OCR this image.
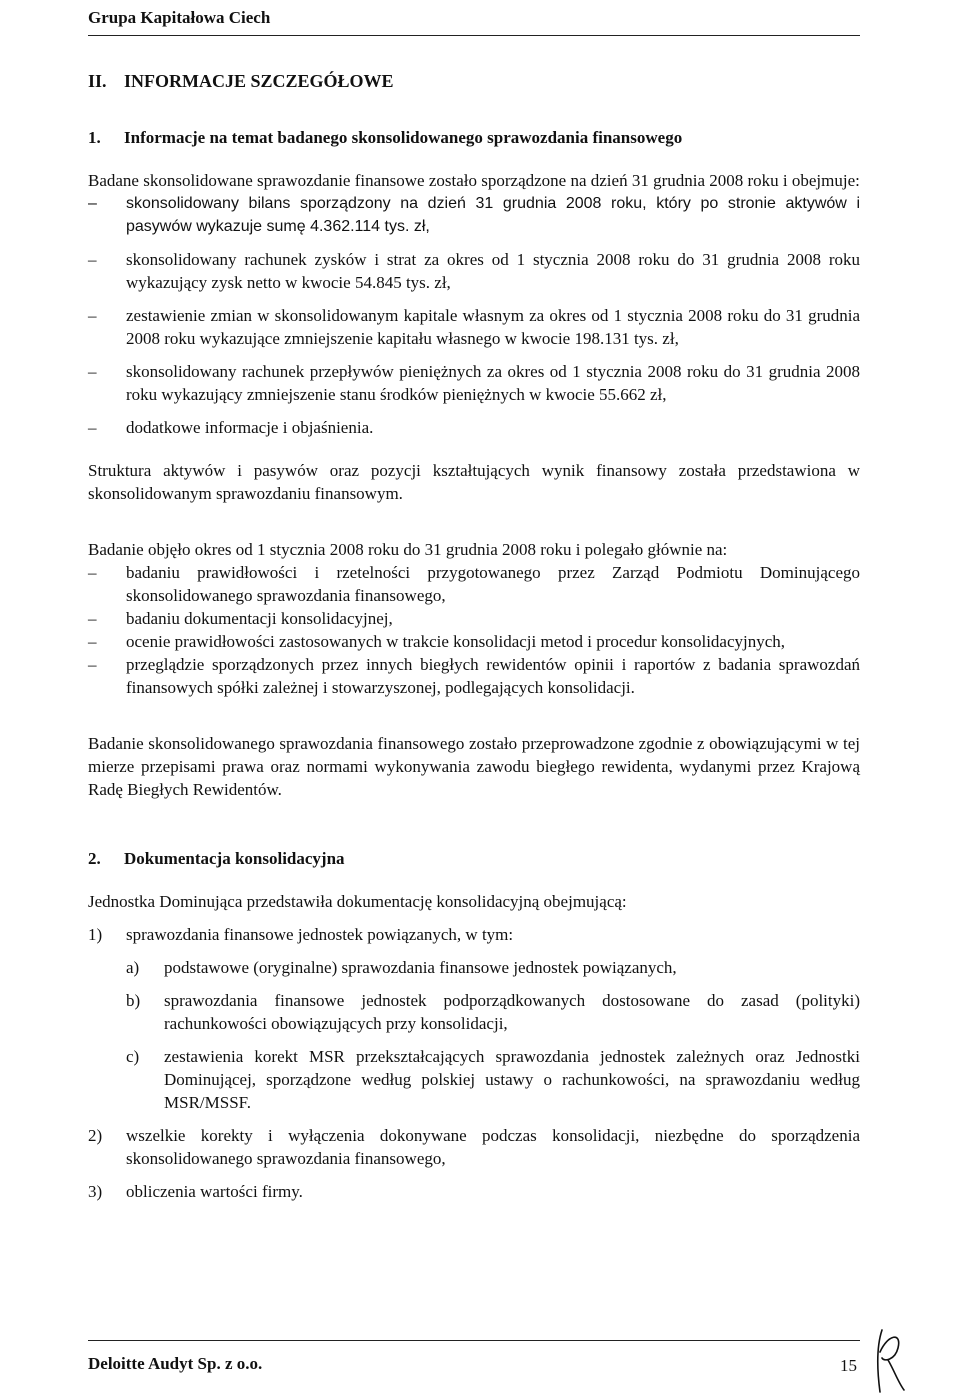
Grupa Kapitałowa Ciech
II. INFORMACJE SZCZEGÓŁOWE
1. Informacje na temat badanego skonsolidowanego sprawozdania finansowego

Badane skonsolidowane sprawozdanie finansowe zostało sporządzone na dzień 31 grudnia 2008 roku i obejmuje:

– skonsolidowany bilans sporządzony na dzień 31 grudnia 2008 roku, który po stronie aktywów i pasywów wykazuje sumę 4.362.114 tys. zł,
– skonsolidowany rachunek zysków i strat za okres od 1 stycznia 2008 roku do 31 grudnia 2008 roku wykazujący zysk netto w kwocie 54.845 tys. zł,
– zestawienie zmian w skonsolidowanym kapitale własnym za okres od 1 stycznia 2008 roku do 31 grudnia 2008 roku wykazujące zmniejszenie kapitału własnego w kwocie 198.131 tys. zł,
– skonsolidowany rachunek przepływów pieniężnych za okres od 1 stycznia 2008 roku do 31 grudnia 2008 roku wykazujący zmniejszenie stanu środków pieniężnych w kwocie 55.662 zł,
– dodatkowe informacje i objaśnienia.

Struktura aktywów i pasywów oraz pozycji kształtujących wynik finansowy została przedstawiona w skonsolidowanym sprawozdaniu finansowym.

Badanie objęło okres od 1 stycznia 2008 roku do 31 grudnia 2008 roku i polegało głównie na:

– badaniu prawidłowości i rzetelności przygotowanego przez Zarząd Podmiotu Dominującego skonsolidowanego sprawozdania finansowego,
– badaniu dokumentacji konsolidacyjnej,
– ocenie prawidłowości zastosowanych w trakcie konsolidacji metod i procedur konsolidacyjnych,
– przeglądzie sporządzonych przez innych biegłych rewidentów opinii i raportów z badania sprawozdań finansowych spółki zależnej i stowarzyszonej, podlegających konsolidacji.

Badanie skonsolidowanego sprawozdania finansowego zostało przeprowadzone zgodnie z obowiązującymi w tej mierze przepisami prawa oraz normami wykonywania zawodu biegłego rewidenta, wydanymi przez Krajową Radę Biegłych Rewidentów.

2. Dokumentacja konsolidacyjna

Jednostka Dominująca przedstawiła dokumentację konsolidacyjną obejmującą:

1) sprawozdania finansowe jednostek powiązanych, w tym:
a) podstawowe (oryginalne) sprawozdania finansowe jednostek powiązanych,
b) sprawozdania finansowe jednostek podporządkowanych dostosowane do zasad (polityki) rachunkowości obowiązujących przy konsolidacji,
c) zestawienia korekt MSR przekształcających sprawozdania jednostek zależnych oraz Jednostki Dominującej, sporządzone według polskiej ustawy o rachunkowości, na sprawozdaniu według MSR/MSSF.
2) wszelkie korekty i wyłączenia dokonywane podczas konsolidacji, niezbędne do sporządzenia skonsolidowanego sprawozdania finansowego,
3) obliczenia wartości firmy.
Deloitte Audyt Sp. z o.o.	15
